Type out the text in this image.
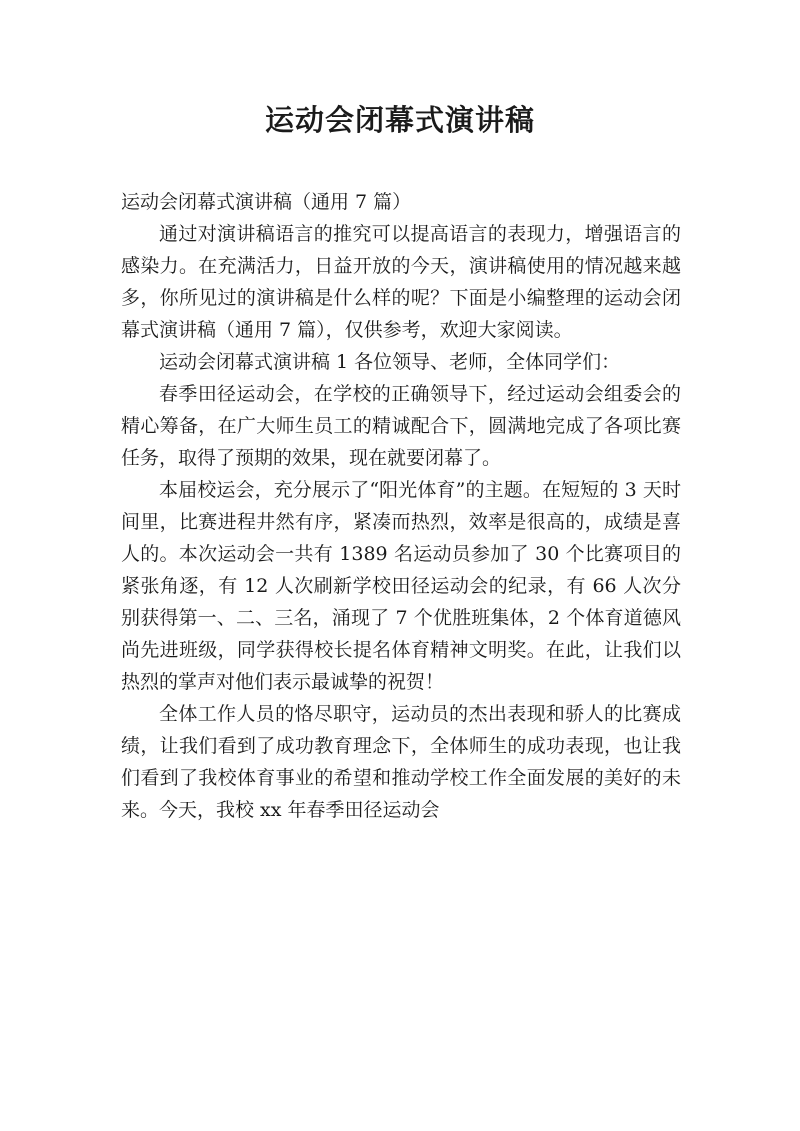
运动会闭幕式演讲稿

运动会闭幕式演讲稿（通用 7 篇）

通过对演讲稿语言的推究可以提高语言的表现力，增强语言的感染力。在充满活力，日益开放的今天，演讲稿使用的情况越来越多，你所见过的演讲稿是什么样的呢？下面是小编整理的运动会闭幕式演讲稿（通用 7 篇），仅供参考，欢迎大家阅读。

运动会闭幕式演讲稿 1 各位领导、老师，全体同学们：

春季田径运动会，在学校的正确领导下，经过运动会组委会的精心筹备，在广大师生员工的精诚配合下，圆满地完成了各项比赛任务，取得了预期的效果，现在就要闭幕了。

本届校运会，充分展示了“阳光体育”的主题。在短短的 3 天时间里，比赛进程井然有序，紧凑而热烈，效率是很高的，成绩是喜人的。本次运动会一共有 1389 名运动员参加了 30 个比赛项目的紧张角逐，有 12 人次刷新学校田径运动会的纪录，有 66 人次分别获得第一、二、三名，涌现了 7 个优胜班集体，2 个体育道德风尚先进班级，同学获得校长提名体育精神文明奖。在此，让我们以热烈的掌声对他们表示最诚挚的祝贺！

全体工作人员的恪尽职守，运动员的杰出表现和骄人的比赛成绩，让我们看到了成功教育理念下，全体师生的成功表现，也让我们看到了我校体育事业的希望和推动学校工作全面发展的美好的未来。今天，我校 xx 年春季田径运动会
